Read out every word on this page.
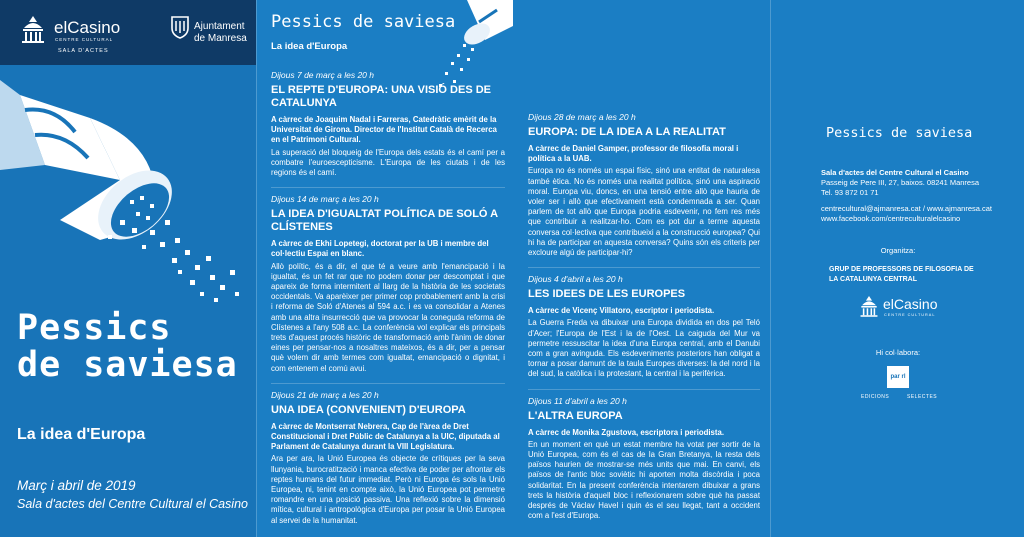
elCasino
CENTRE CULTURAL
SALA D'ACTES
Ajuntament
de Manresa
Pessics
de saviesa
La idea d'Europa
Març i abril de 2019
Sala d'actes del Centre Cultural el Casino
Pessics de saviesa
La idea d'Europa
Dijous 7 de març a les 20 h
EL REPTE D'EUROPA: UNA VISIÓ DES DE CATALUNYA
A càrrec de Joaquim Nadal i Farreras, Catedràtic emèrit de la Universitat de Girona. Director de l'Institut Català de Recerca en el Patrimoni Cultural.
La superació del bloqueig de l'Europa dels estats és el camí per a combatre l'euroescepticisme. L'Europa de les ciutats i de les regions és el camí.
Dijous 14 de març a les 20 h
LA IDEA D'IGUALTAT POLÍTICA DE SOLÓ A CLÍSTENES
A càrrec de Ekhi Lopetegi, doctorat per la UB i membre del col·lectiu Espai en blanc.
Allò polític, és a dir, el que té a veure amb l'emancipació i la igualtat, és un fet rar que no podem donar per descomptat i que apareix de forma intermitent al llarg de la història de les societats occidentals. Va aparèixer per primer cop probablement amb la crisi i reforma de Soló d'Atenes al 594 a.c. i es va consolidar a Atenes amb una altra insurrecció que va provocar la coneguda reforma de Clístenes a l'any 508 a.c. La conferència vol explicar els principals trets d'aquest procés històric de transformació amb l'ànim de donar eines per pensar-nos a nosaltres mateixos, és a dir, per a pensar què volem dir amb termes com igualtat, emancipació o dignitat, i com entenem el comú avui.
Dijous 21 de març a les 20 h
UNA IDEA (CONVENIENT) D'EUROPA
A càrrec de Montserrat Nebrera, Cap de l'àrea de Dret Constitucional i Dret Públic de Catalunya a la UIC, diputada al Parlament de Catalunya durant la VIII Legislatura.
Ara per ara, la Unió Europea és objecte de crítiques per la seva llunyania, burocratització i manca efectiva de poder per afrontar els reptes humans del futur immediat. Però ni Europa és sols la Unió Europea, ni, tenint en compte això, la Unió Europea pot permetre romandre en una posició passiva. Una reflexió sobre la dimensió mítica, cultural i antropològica d'Europa per posar la Unió Europea al servei de la humanitat.
Dijous 28 de març a les 20 h
EUROPA: DE LA IDEA A LA REALITAT
A càrrec de Daniel Gamper, professor de filosofia moral i política a la UAB.
Europa no és només un espai físic, sinó una entitat de naturalesa també ètica. No és només una realitat política, sinó una aspiració moral. Europa viu, doncs, en una tensió entre allò que hauria de voler ser i allò que efectivament està condemnada a ser. Quan parlem de tot allò que Europa podria esdevenir, no fem res més que contribuir a realitzar-ho. Com es pot dur a terme aquesta conversa col·lectiva que contribueixi a la construcció europea? Qui hi ha de participar en aquesta conversa? Quins són els criteris per excloure algú de participar-hi?
Dijous 4 d'abril a les 20 h
LES IDEES DE LES EUROPES
A càrrec de Vicenç Villatoro, escriptor i periodista.
La Guerra Freda va dibuixar una Europa dividida en dos pel Teló d'Acer; l'Europa de l'Est i la de l'Oest. La caiguda del Mur va permetre ressuscitar la idea d'una Europa central, amb el Danubi com a gran avinguda. Els esdeveniments posteriors han obligat a tornar a posar damunt de la taula Europes diverses: la del nord i la del sud, la catòlica i la protestant, la central i la perifèrica.
Dijous 11 d'abril a les 20 h
L'ALTRA EUROPA
A càrrec de Monika Zgustova, escriptora i periodista.
En un moment en què un estat membre ha votat per sortir de la Unió Europea, com és el cas de la Gran Bretanya, la resta dels països haurien de mostrar-se més units que mai. En canvi, els països de l'antic bloc soviètic hi aporten molta discòrdia i poca solidaritat. En la present conferència intentarem dibuixar a grans trets la història d'aquell bloc i reflexionarem sobre què ha passat després de Václav Havel i quin és el seu llegat, tant a occident com a l'est d'Europa.
Pessics de saviesa
Sala d'actes del Centre Cultural el Casino
Passeig de Pere III, 27, baixos. 08241 Manresa
Tel. 93 872 01 71
centrecultural@ajmanresa.cat / www.ajmanresa.cat
www.facebook.com/centreculturalelcasino
Organitza:
GRUP DE PROFESSORS DE FILOSOFIA DE LA CATALUNYA CENTRAL
elCasino
CENTRE CULTURAL
Hi col·labora:
par rl
EDICIONS	SELECTES
